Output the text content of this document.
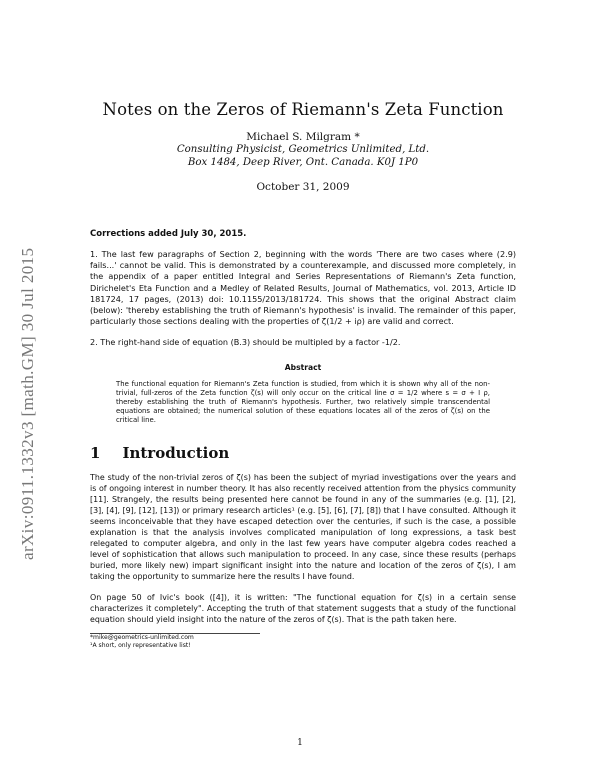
arXiv:0911.1332v3 [math.GM] 30 Jul 2015
Notes on the Zeros of Riemann's Zeta Function
Michael S. Milgram *
Consulting Physicist, Geometrics Unlimited, Ltd.
Box 1484, Deep River, Ont. Canada. K0J 1P0
October 31, 2009
Corrections added July 30, 2015.

1. The last few paragraphs of Section 2, beginning with the words 'There are two cases where (2.9) fails...' cannot be valid. This is demonstrated by a counterexample, and discussed more completely, in the appendix of a paper entitled Integral and Series Representations of Riemann's Zeta function, Dirichelet's Eta Function and a Medley of Related Results, Journal of Mathematics, vol. 2013, Article ID 181724, 17 pages, (2013) doi: 10.1155/2013/181724. This shows that the original Abstract claim (below): 'thereby establishing the truth of Riemann's hypothesis' is invalid. The remainder of this paper, particularly those sections dealing with the properties of ζ(1/2 + iρ) are valid and correct.

2. The right-hand side of equation (B.3) should be multipled by a factor -1/2.

Abstract

The functional equation for Riemann's Zeta function is studied, from which it is shown why all of the non-trivial, full-zeros of the Zeta function ζ(s) will only occur on the critical line σ = 1/2 where s = σ + I ρ, thereby establishing the truth of Riemann's hypothesis. Further, two relatively simple transcendental equations are obtained; the numerical solution of these equations locates all of the zeros of ζ(s) on the critical line.

1 Introduction

The study of the non-trivial zeros of ζ(s) has been the subject of myriad investigations over the years and is of ongoing interest in number theory. It has also recently received attention from the physics community [11]. Strangely, the results being presented here cannot be found in any of the summaries (e.g. [1], [2], [3], [4], [9], [12], [13]) or primary research articles¹ (e.g. [5], [6], [7], [8]) that I have consulted. Although it seems inconceivable that they have escaped detection over the centuries, if such is the case, a possible explanation is that the analysis involves complicated manipulation of long expressions, a task best relegated to computer algebra, and only in the last few years have computer algebra codes reached a level of sophistication that allows such manipulation to proceed. In any case, since these results (perhaps buried, more likely new) impart significant insight into the nature and location of the zeros of ζ(s), I am taking the opportunity to summarize here the results I have found.

On page 50 of Ivic's book ([4]), it is written: "The functional equation for ζ(s) in a certain sense characterizes it completely". Accepting the truth of that statement suggests that a study of the functional equation should yield insight into the nature of the zeros of ζ(s). That is the path taken here.

*mike@geometrics-unlimited.com
¹A short, only representative list!
1
